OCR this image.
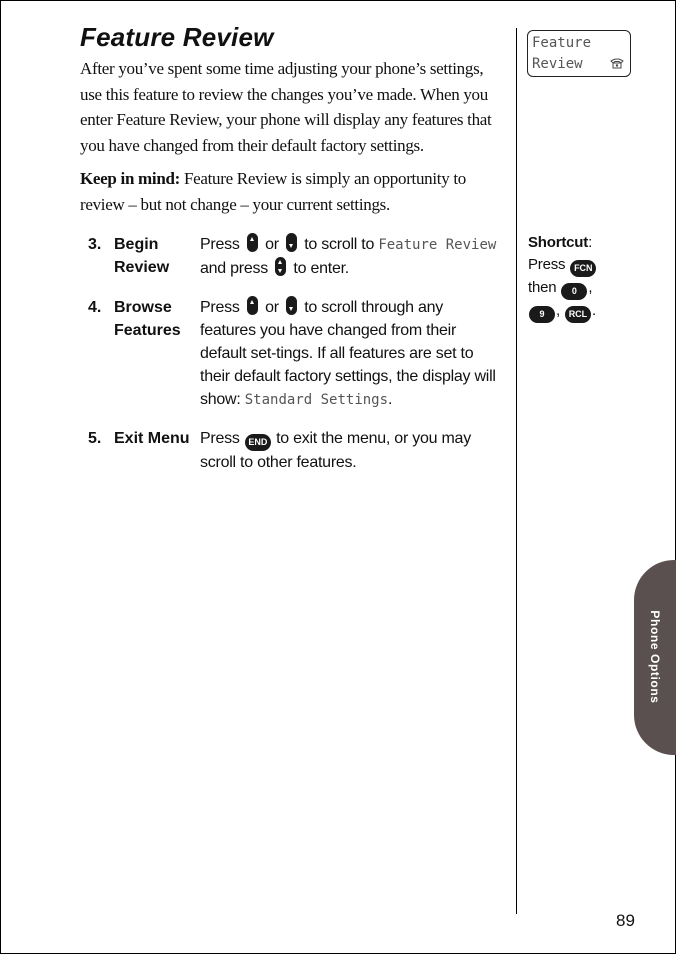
Feature Review

After you’ve spent some time adjusting your phone’s settings, use this feature to review the changes you’ve made. When you enter Feature Review, your phone will display any features that you have changed from their default factory settings.

Keep in mind: Feature Review is simply an opportunity to review – but not change – your current settings.

3. Begin Review
Press or to scroll to Feature Review and press to enter.
4. Browse Features
Press or to scroll through any features you have changed from their default set-tings. If all features are set to their default factory settings, the display will show: Standard Settings.
5. Exit Menu Press END to exit the menu, or you may scroll to other features.
Feature
Review
Shortcut:
Press FCN
then 0 ,
9 , RCL .
Phone Options
89
